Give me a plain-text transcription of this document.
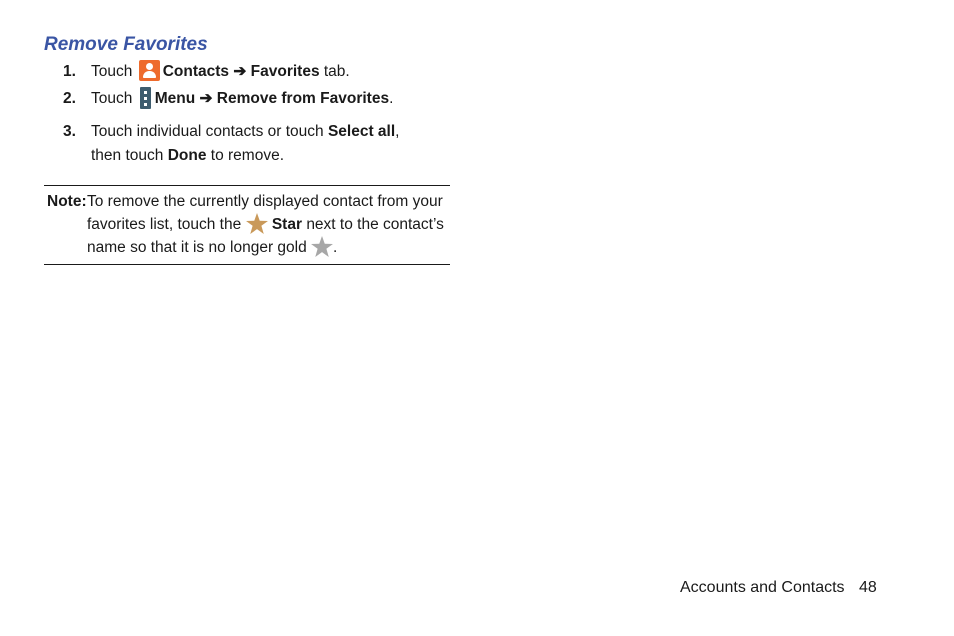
Remove Favorites
1. Touch Contacts ➔ Favorites tab.
2. Touch Menu ➔ Remove from Favorites.
3. Touch individual contacts or touch Select all, then touch Done to remove.
Note: To remove the currently displayed contact from your favorites list, touch the Star next to the contact’s name so that it is no longer gold .
Accounts and Contacts 48
